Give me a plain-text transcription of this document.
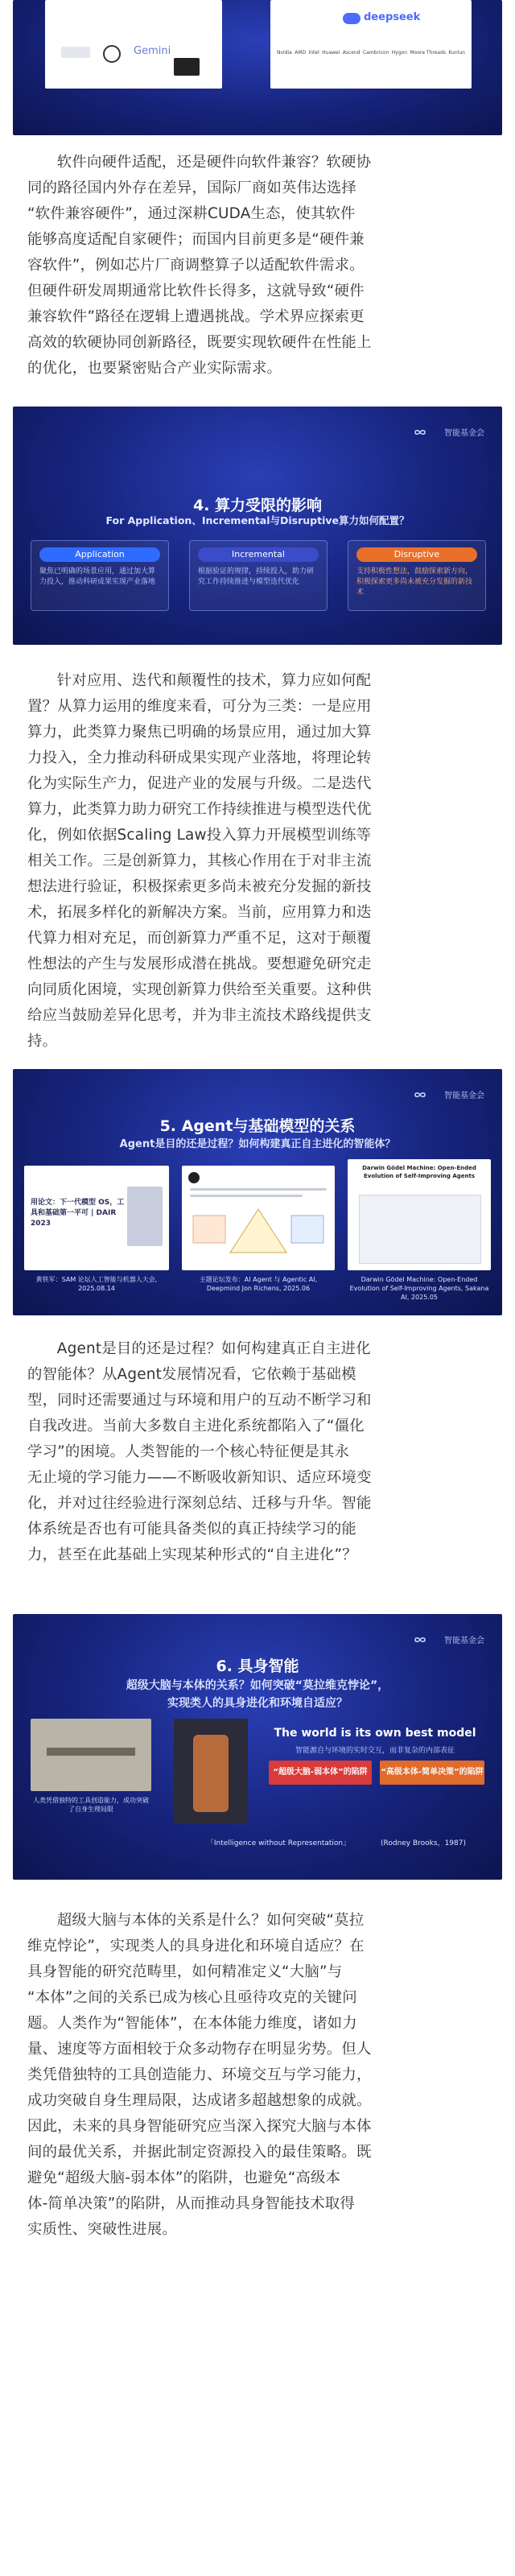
Gemini
deepseek
Nvidia AMD Intel Huawei Ascend Cambricon Hygon Moore Threads Kunlun
软件向硬件适配，还是硬件向软件兼容？软硬协
同的路径国内外存在差异，国际厂商如英伟达选择
“软件兼容硬件”，通过深耕CUDA生态，使其软件
能够高度适配自家硬件；而国内目前更多是“硬件兼
容软件”，例如芯片厂商调整算子以适配软件需求。
但硬件研发周期通常比软件长得多，这就导致“硬件
兼容软件”路径在逻辑上遭遇挑战。学术界应探索更
高效的软硬协同创新路径，既要实现软硬件在性能上
的优化，也要紧密贴合产业实际需求。
智能基金会
4. 算力受限的影响
For Application、Incremental与Disruptive算力如何配置？
Application
聚焦已明确的场景应用，通过加大算力投入，推动科研成果实现产业落地
Incremental
根据验证的规律，持续投入，助力研究工作持续推进与模型迭代优化
Disruptive
支持积极性想法，鼓励探索新方向，积极探索更多尚未被充分发掘的新技术
针对应用、迭代和颠覆性的技术，算力应如何配
置？从算力运用的维度来看，可分为三类：一是应用
算力，此类算力聚焦已明确的场景应用，通过加大算
力投入，全力推动科研成果实现产业落地，将理论转
化为实际生产力，促进产业的发展与升级。二是迭代
算力，此类算力助力研究工作持续推进与模型迭代优
化，例如依据Scaling Law投入算力开展模型训练等
相关工作。三是创新算力，其核心作用在于对非主流
想法进行验证，积极探索更多尚未被充分发掘的新技
术，拓展多样化的新解决方案。当前，应用算力和迭
代算力相对充足，而创新算力严重不足，这对于颠覆
性想法的产生与发展形成潜在挑战。要想避免研究走
向同质化困境，实现创新算力供给至关重要。这种供
给应当鼓励差异化思考，并为非主流技术路线提供支
持。
智能基金会
5. Agent与基础模型的关系
Agent是目的还是过程？如何构建真正自主进化的智能体？
用论文：下一代模型 OS，工具和基础第一平可 | DAIR 2023
黄铁军：SAM 论坛人工智能与机器人大会, 2025.08.14
主题论坛发布：AI Agent 与 Agentic AI, Deepmind Jon Richens, 2025.06
Darwin Gödel Machine: Open-Ended Evolution of Self-Improving Agents
Darwin Gödel Machine: Open-Ended Evolution of Self-Improving Agents, Sakana AI, 2025.05
Agent是目的还是过程？如何构建真正自主进化
的智能体？从Agent发展情况看，它依赖于基础模
型，同时还需要通过与环境和用户的互动不断学习和
自我改进。当前大多数自主进化系统都陷入了“僵化
学习”的困境。人类智能的一个核心特征便是其永
无止境的学习能力——不断吸收新知识、适应环境变
化，并对过往经验进行深刻总结、迁移与升华。智能
体系统是否也有可能具备类似的真正持续学习的能
力，甚至在此基础上实现某种形式的“自主进化”？
智能基金会
6. 具身智能
超级大脑与本体的关系？如何突破“莫拉维克悖论”，
实现类人的具身进化和环境自适应？
人类凭借独特的工具创造能力，成功突破了自身生理局限
The world is its own best model
智能源自与环境的实时交互，而非复杂的内部表征
“超级大脑-弱本体”的陷阱	“高级本体-简单决策”的陷阱
「Intelligence without Representation」	(Rodney Brooks，1987)
超级大脑与本体的关系是什么？如何突破“莫拉
维克悖论”，实现类人的具身进化和环境自适应？在
具身智能的研究范畴里，如何精准定义“大脑”与
“本体”之间的关系已成为核心且亟待攻克的关键问
题。人类作为“智能体”，在本体能力维度，诸如力
量、速度等方面相较于众多动物存在明显劣势。但人
类凭借独特的工具创造能力、环境交互与学习能力，
成功突破自身生理局限，达成诸多超越想象的成就。
因此，未来的具身智能研究应当深入探究大脑与本体
间的最优关系，并据此制定资源投入的最佳策略。既
避免“超级大脑-弱本体”的陷阱，也避免“高级本
体-简单决策”的陷阱，从而推动具身智能技术取得
实质性、突破性进展。
